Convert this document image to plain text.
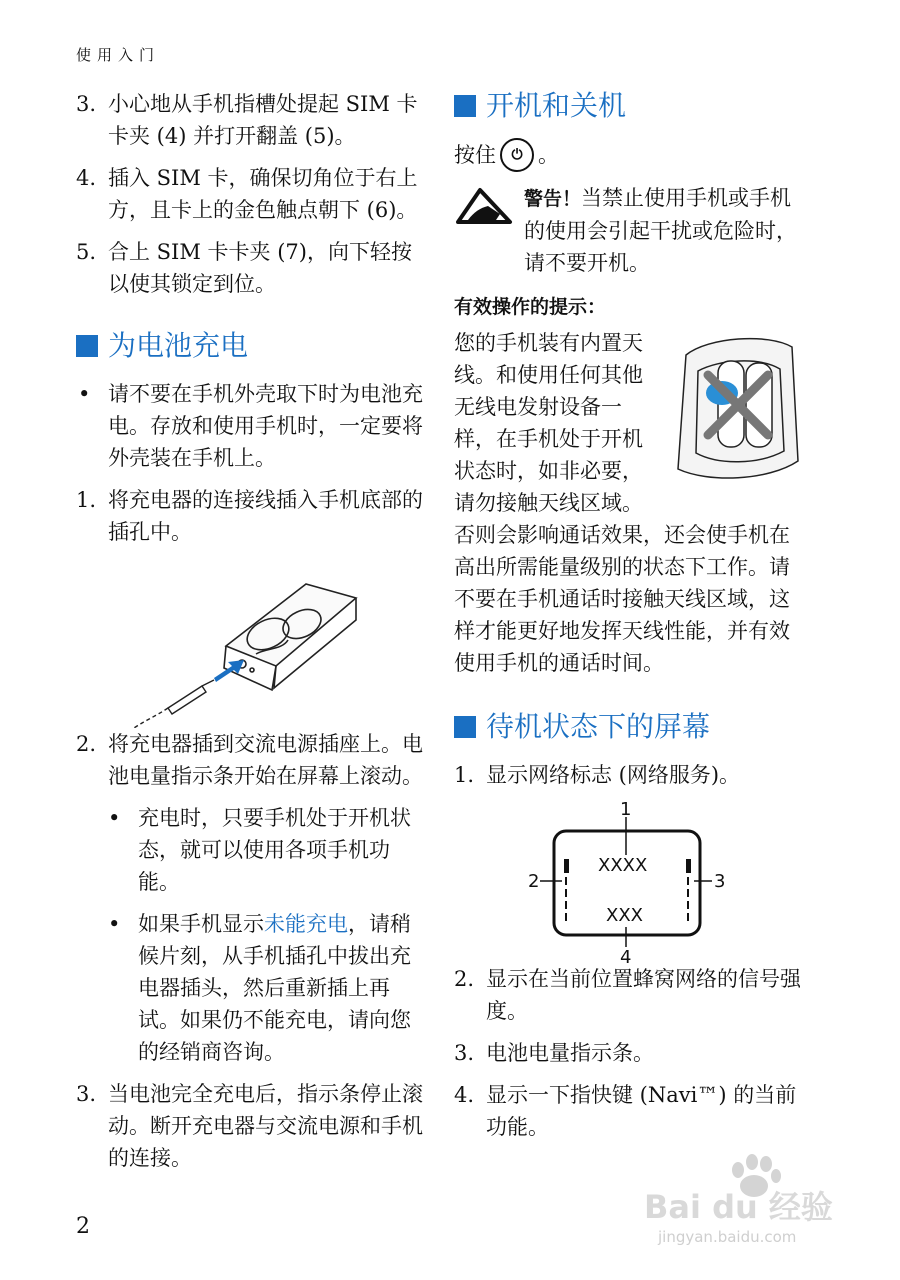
使用入门
3. 小心地从手机指槽处提起 SIM 卡卡夹 (4) 并打开翻盖 (5)。
4. 插入 SIM 卡，确保切角位于右上方，且卡上的金色触点朝下 (6)。
5. 合上 SIM 卡卡夹 (7)，向下轻按以使其锁定到位。
为电池充电
• 请不要在手机外壳取下时为电池充电。存放和使用手机时，一定要将外壳装在手机上。
1. 将充电器的连接线插入手机底部的插孔中。
2. 将充电器插到交流电源插座上。电池电量指示条开始在屏幕上滚动。
• 充电时，只要手机处于开机状态，就可以使用各项手机功能。
• 如果手机显示未能充电，请稍候片刻，从手机插孔中拔出充电器插头，然后重新插上再试。如果仍不能充电，请向您的经销商咨询。
3. 当电池完全充电后，指示条停止滚动。断开充电器与交流电源和手机的连接。
开机和关机
按住	⏻ 。
警告！当禁止使用手机或手机的使用会引起干扰或危险时，请不要开机。
有效操作的提示：
您的手机装有内置天线。和使用任何其他无线电发射设备一样，在手机处于开机状态时，如非必要，请勿接触天线区域。否则会影响通话效果，还会使手机在高出所需能量级别的状态下工作。请不要在手机通话时接触天线区域，这样才能更好地发挥天线性能，并有效使用手机的通话时间。
待机状态下的屏幕
1. 显示网络标志 (网络服务)。
1
XXXX
2	3
XXX
4
2. 显示在当前位置蜂窝网络的信号强度。
3. 电池电量指示条。
4. 显示一下指快键 (Navi™) 的当前功能。
2
Bai du 经验
jingyan.baidu.com
